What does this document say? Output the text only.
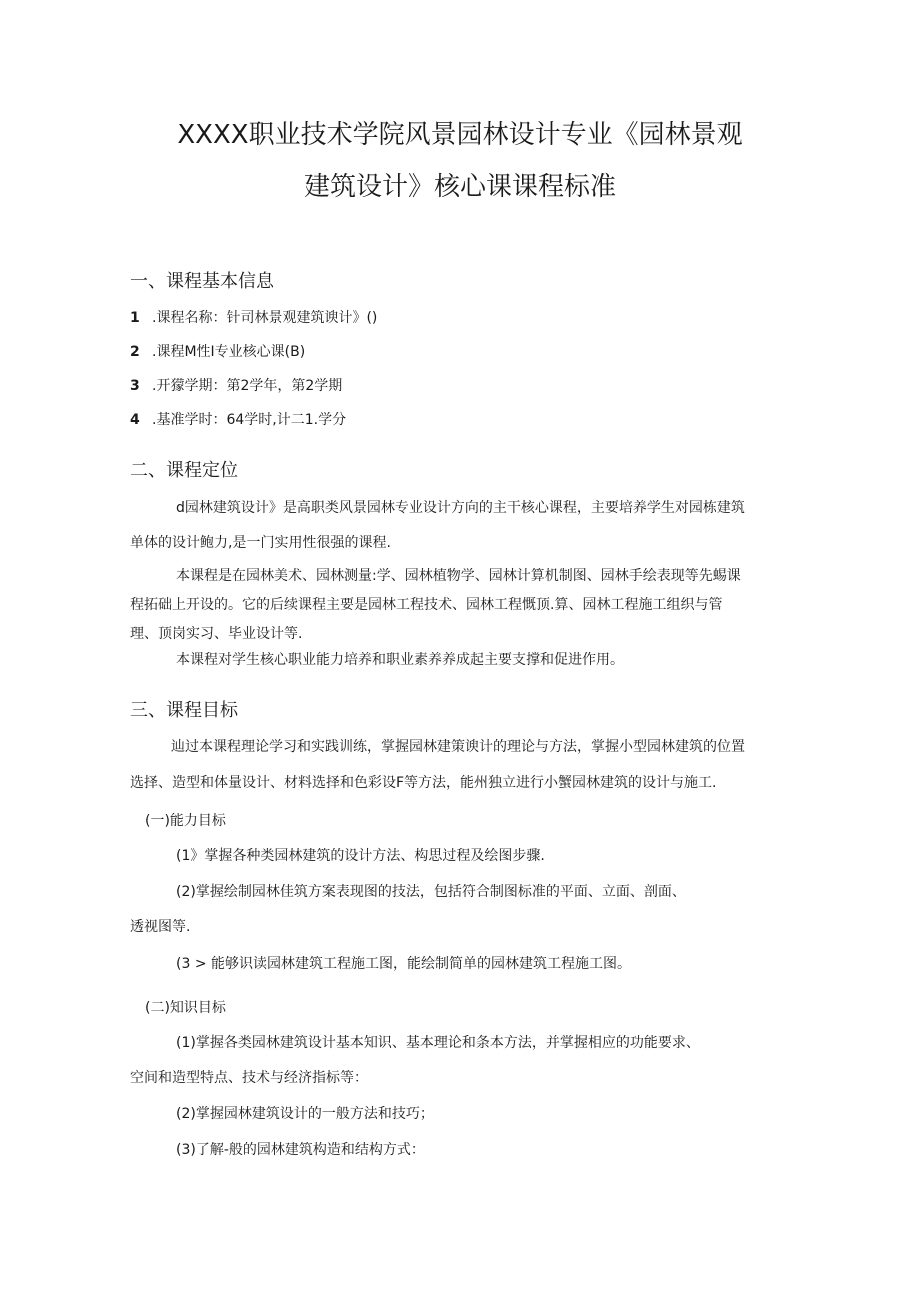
XXXX职业技术学院风景园林设计专业《园林景观
建筑设计》核心课课程标准
一、课程基本信息
1 .课程名称：针司林景观建筑谀计》()
2 .课程M性I专业核心课(B)
3 .开獴学期：第2学年，第2学期
4 .基准学时：64学时,计二1.学分
二、课程定位
d园林建筑设计》是高职类风景园林专业设计方向的主干核心课程，主要培养学生对园栋建筑
单体的设计鲍力,是一门实用性很强的课程.
本课程是在园林美术、园林测量:学、园林植物学、园林计算机制图、园林手绘表现等先蜴课
程拓础上开设的。它的后续课程主要是园林工程技术、园林工程慨顶.算、园林工程施工组织与管
理、顶岗实习、毕业设计等.
本课程对学生核心职业能力培养和职业素养养成起主要支撑和促进作用。
三、课程目标
辿过本课程理论学习和实践训练，掌握园林建策谀计的理论与方法，掌握小型园林建筑的位置
选择、造型和体量设计、材料选择和色彩设F等方法，能州独立进行小蟹园林建筑的设计与施工.
(一)能力目标
(1》掌握各种类园林建筑的设计方法、构思过程及绘图步骤.
(2)掌握绘制园林佳筑方案表现图的技法，包括符合制图标准的平面、立面、剖面、
透视图等.
(3 > 能够识读园林建筑工程施工图，能绘制简单的园林建筑工程施工图。
(二)知识目标
(1)掌握各类园林建筑设计基本知识、基本理论和条本方法，并掌握相应的功能要求、
空间和造型特点、技术与经济指标等：
(2)掌握园林建筑设计的一般方法和技巧；
(3)了解-般的园林建筑构造和结构方式：
